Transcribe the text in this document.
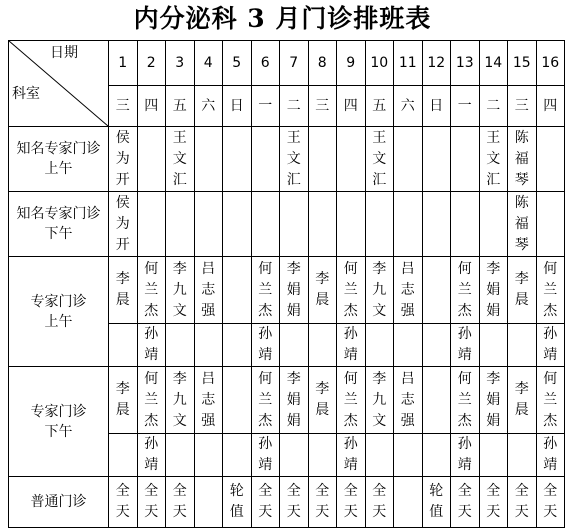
内分泌科 3 月门诊排班表
日期
科室	1	2	3	4	5	6	7	8	9	10	11	12	13	14	15	16
	三	四	五	六	日	一	二	三	四	五	六	日	一	二	三	四

知名专家门诊
上午	侯为开		王文汇				王文汇			王文汇				王文汇	陈福琴	

知名专家门诊
下午	侯为开														陈福琴	

专家门诊
上午	李晨	何兰杰	李九文	吕志强		何兰杰	李娟娟	李晨	何兰杰	李九文	吕志强		何兰杰	李娟娟	李晨	何兰杰
		孙靖				孙靖			孙靖				孙靖			孙靖

专家门诊
下午	李晨	何兰杰	李九文	吕志强		何兰杰	李娟娟	李晨	何兰杰	李九文	吕志强		何兰杰	李娟娟	李晨	何兰杰
		孙靖				孙靖			孙靖				孙靖			孙靖

普通门诊	全天	全天	全天		轮值	全天	全天	全天	全天	全天		轮值	全天	全天	全天	全天
